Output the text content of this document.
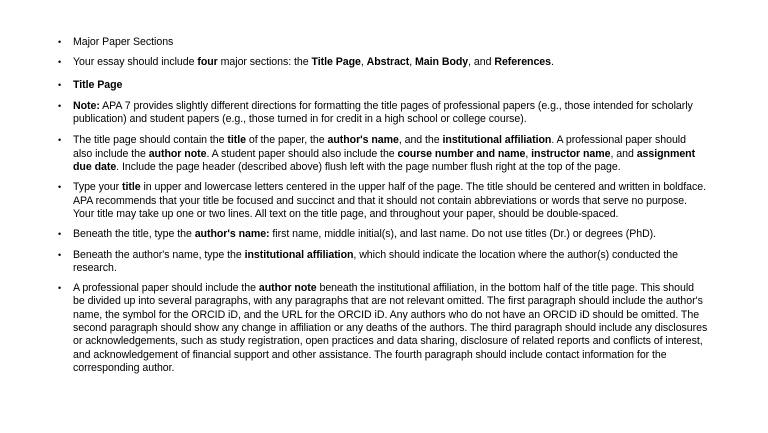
• Major Paper Sections
• Your essay should include four major sections: the Title Page, Abstract, Main Body, and References.
• Title Page
• Note: APA 7 provides slightly different directions for formatting the title pages of professional papers (e.g., those intended for scholarly publication) and student papers (e.g., those turned in for credit in a high school or college course).
• The title page should contain the title of the paper, the author's name, and the institutional affiliation. A professional paper should also include the author note. A student paper should also include the course number and name, instructor name, and assignment due date. Include the page header (described above) flush left with the page number flush right at the top of the page.
• Type your title in upper and lowercase letters centered in the upper half of the page. The title should be centered and written in boldface. APA recommends that your title be focused and succinct and that it should not contain abbreviations or words that serve no purpose. Your title may take up one or two lines. All text on the title page, and throughout your paper, should be double-spaced.
• Beneath the title, type the author's name: first name, middle initial(s), and last name. Do not use titles (Dr.) or degrees (PhD).
• Beneath the author's name, type the institutional affiliation, which should indicate the location where the author(s) conducted the research.
• A professional paper should include the author note beneath the institutional affiliation, in the bottom half of the title page. This should be divided up into several paragraphs, with any paragraphs that are not relevant omitted. The first paragraph should include the author's name, the symbol for the ORCID iD, and the URL for the ORCID iD. Any authors who do not have an ORCID iD should be omitted. The second paragraph should show any change in affiliation or any deaths of the authors. The third paragraph should include any disclosures or acknowledgements, such as study registration, open practices and data sharing, disclosure of related reports and conflicts of interest, and acknowledgement of financial support and other assistance. The fourth paragraph should include contact information for the corresponding author.
